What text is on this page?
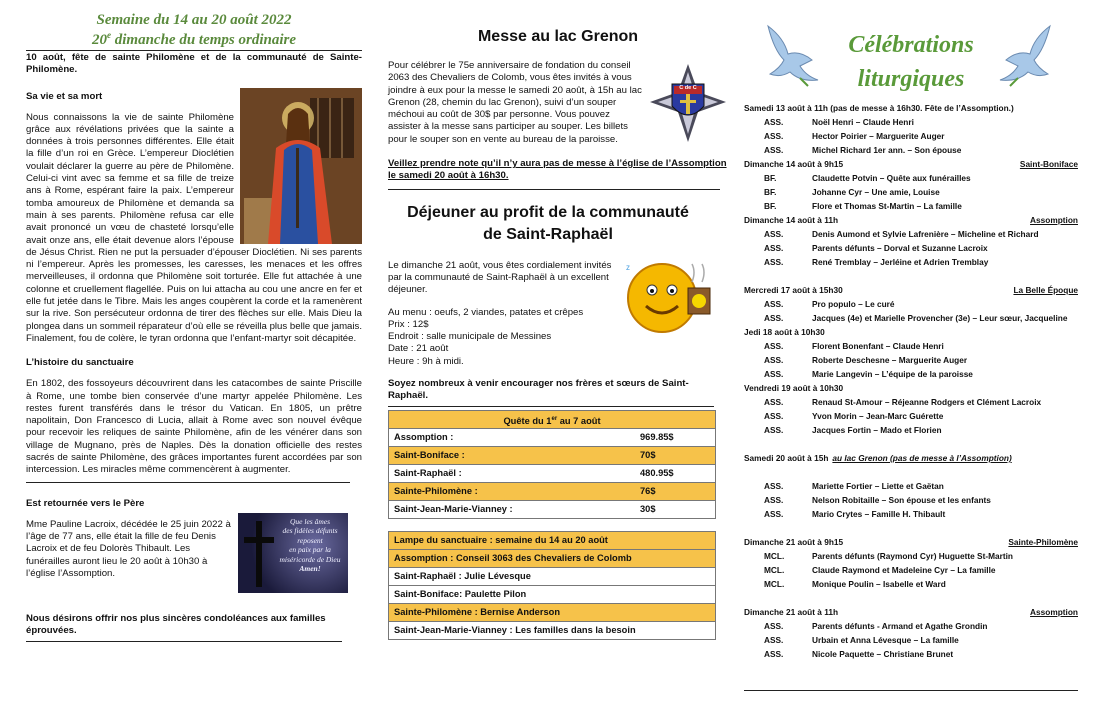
Semaine du 14 au 20 août 2022
20e dimanche du temps ordinaire

10 août, fête de sainte Philomène et de la communauté de Sainte-Philomène.

Sa vie et sa mort

Nous connaissons la vie de sainte Philomène grâce aux révélations privées que la sainte a données à trois personnes différentes. Elle était la fille d’un roi en Grèce. L’empereur Dioclétien voulait déclarer la guerre au père de Philomène. Celui-ci vint avec sa femme et sa fille de treize ans à Rome, espérant faire la paix. L’empereur tomba amoureux de Philomène et demanda sa main à ses parents. Philomène refusa car elle avait prononcé un vœu de chasteté lorsqu’elle avait onze ans, elle était devenue alors l’épouse de Jésus Christ. Rien ne put la persuader d’épouser Dioclétien. Ni ses parents ni l’empereur. Après les promesses, les caresses, les menaces et les offres merveilleuses, il ordonna que Philomène soit torturée. Elle fut attachée à une colonne et cruellement flagellée. Puis on lui attacha au cou une ancre en fer et elle fut jetée dans le Tibre. Mais les anges coupèrent la corde et la ramenèrent sur la rive. Son persécuteur ordonna de tirer des flèches sur elle. Mais Dieu la plongea dans un sommeil réparateur d’où elle se réveilla plus belle que jamais. Finalement, fou de colère, le tyran ordonna que l’enfant-martyr soit décapitée.

L’histoire du sanctuaire

En 1802, des fossoyeurs découvrirent dans les catacombes de sainte Priscille à Rome, une tombe bien conservée d’une martyr appelée Philomène. Les restes furent transférés dans le trésor du Vatican. En 1805, un prêtre napolitain, Don Francesco di Lucia, allait à Rome avec son nouvel évêque pour recevoir les reliques de sainte Philomène, afin de les vénérer dans son village de Mugnano, près de Naples. Dès la donation officielle des restes sacrés de sainte Philomène, des grâces importantes furent accordées par son intercession. Les miracles même commencèrent à augmenter.

Est retournée vers le Père

Que les âmes
des fidèles défunts
reposent
en paix par la
miséricorde de Dieu
Amen!

Mme Pauline Lacroix, décédée le 25 juin 2022 à l’âge de 77 ans, elle était la fille de feu Denis Lacroix et de feu Dolorès Thibault. Les funérailles auront lieu le 20 août à 10h30 à l’église l’Assomption.

Nous désirons offrir nos plus sincères condoléances aux familles éprouvées.

Messe au lac Grenon
C de C

Pour célébrer le 75e anniversaire de fondation du conseil 2063 des Chevaliers de Colomb, vous êtes invités à vous joindre à eux pour la messe le samedi 20 août, à 15h au lac Grenon (28, chemin du lac Grenon), suivi d’un souper méchoui au coût de 30$ par personne. Vous pouvez assister à la messe sans participer au souper. Les billets pour le souper son en vente au bureau de la paroisse.

Veillez prendre note qu’il n’y aura pas de messe à l’église de l’Assomption le samedi 20 août à 16h30.

Déjeuner au profit de la communauté de Saint-Raphaël
z

Le dimanche 21 août, vous êtes cordialement invités par la communauté de Saint-Raphaël à un excellent déjeuner.

Au menu : oeufs, 2 viandes, patates et crêpes
Prix : 12$
Endroit : salle municipale de Messines
Date : 21 août
Heure : 9h à midi.

Soyez nombreux à venir encourager nos frères et sœurs de Saint-Raphaël.

Quête du 1er au 7 août
Assomption :	969.85$
Saint-Boniface :	70$
Saint-Raphaël :	480.95$
Sainte-Philomène :	76$
Saint-Jean-Marie-Vianney :	30$
Lampe du sanctuaire : semaine du 14 au 20 août
Assomption : Conseil 3063 des Chevaliers de Colomb
Saint-Raphaël : Julie Lévesque
Saint-Boniface: Paulette Pilon
Sainte-Philomène : Bernise Anderson
Saint-Jean-Marie-Vianney : Les familles dans la besoin
Célébrations
liturgiques
Samedi 13 août à 11h (pas de messe à 16h30. Fête de l’Assomption.)
ASS.	Noël Henri – Claude Henri
ASS.	Hector Poirier – Marguerite Auger
ASS.	Michel Richard 1er ann. – Son épouse
Dimanche 14 août à 9h15	Saint-Boniface
BF.	Claudette Potvin – Quête aux funérailles
BF.	Johanne Cyr – Une amie, Louise
BF.	Flore et Thomas St-Martin – La famille
Dimanche 14 août à 11h	Assomption
ASS.	Denis Aumond et Sylvie Lafrenière – Micheline et Richard
ASS.	Parents défunts – Dorval et Suzanne Lacroix
ASS.	René Tremblay – Jerléine et Adrien Tremblay
Mercredi 17 août à 15h30	La Belle Époque
ASS.	Pro populo – Le curé
ASS.	Jacques (4e) et Marielle Provencher (3e) – Leur sœur, Jacqueline
Jedi 18 août à 10h30
ASS.	Florent Bonenfant – Claude Henri
ASS.	Roberte Deschesne – Marguerite Auger
ASS.	Marie Langevin – L’équipe de la paroisse
Vendredi 19 août à 10h30
ASS.	Renaud St-Amour – Réjeanne Rodgers et Clément Lacroix
ASS.	Yvon Morin – Jean-Marc Guérette
ASS.	Jacques Fortin – Mado et Florien
Samedi 20 août à 15h au lac Grenon (pas de messe à l’Assomption)
ASS.	Mariette Fortier – Liette et Gaëtan
ASS.	Nelson Robitaille – Son épouse et les enfants
ASS.	Mario Crytes – Famille H. Thibault
Dimanche 21 août à 9h15	Sainte-Philomène
MCL.	Parents défunts (Raymond Cyr) Huguette St-Martin
MCL.	Claude Raymond et Madeleine Cyr – La famille
MCL.	Monique Poulin – Isabelle et Ward
Dimanche 21 août à 11h	Assomption
ASS.	Parents défunts - Armand et Agathe Grondin
ASS.	Urbain et Anna Lévesque – La famille
ASS.	Nicole Paquette – Christiane Brunet
